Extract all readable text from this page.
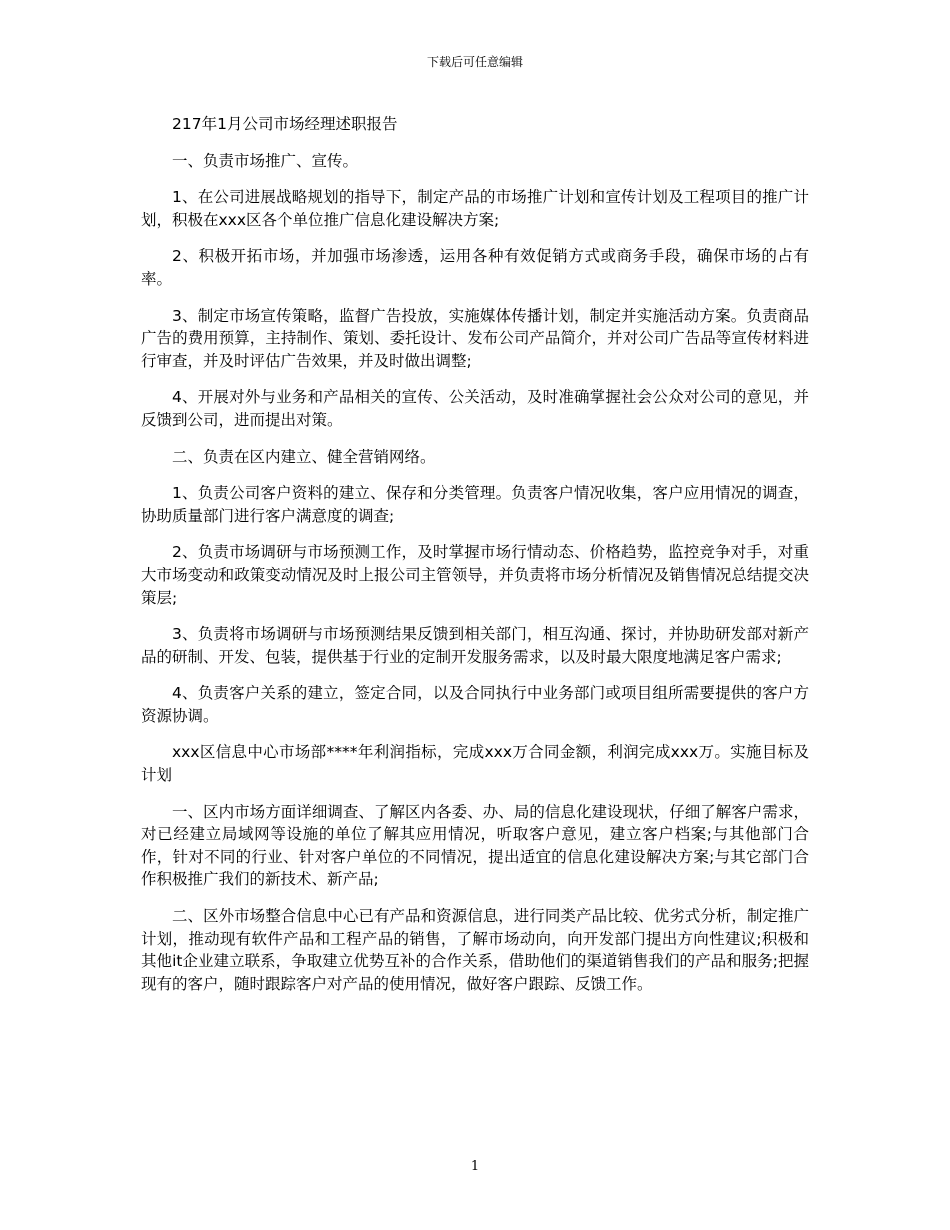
下载后可任意编辑

217年1月公司市场经理述职报告

一、负责市场推广、宣传。

1、在公司进展战略规划的指导下，制定产品的市场推广计划和宣传计划及工程项目的推广计划，积极在xxx区各个单位推广信息化建设解决方案;

2、积极开拓市场，并加强市场渗透，运用各种有效促销方式或商务手段，确保市场的占有率。

3、制定市场宣传策略，监督广告投放，实施媒体传播计划，制定并实施活动方案。负责商品广告的费用预算，主持制作、策划、委托设计、发布公司产品简介，并对公司广告品等宣传材料进行审查，并及时评估广告效果，并及时做出调整;

4、开展对外与业务和产品相关的宣传、公关活动，及时准确掌握社会公众对公司的意见，并反馈到公司，进而提出对策。

二、负责在区内建立、健全营销网络。

1、负责公司客户资料的建立、保存和分类管理。负责客户情况收集，客户应用情况的调查，协助质量部门进行客户满意度的调查;

2、负责市场调研与市场预测工作，及时掌握市场行情动态、价格趋势，监控竞争对手，对重大市场变动和政策变动情况及时上报公司主管领导，并负责将市场分析情况及销售情况总结提交决策层;

3、负责将市场调研与市场预测结果反馈到相关部门，相互沟通、探讨，并协助研发部对新产品的研制、开发、包装，提供基于行业的定制开发服务需求，以及时最大限度地满足客户需求;

4、负责客户关系的建立，签定合同，以及合同执行中业务部门或项目组所需要提供的客户方资源协调。

xxx区信息中心市场部****年利润指标，完成xxx万合同金额，利润完成xxx万。实施目标及计划

一、区内市场方面详细调查、了解区内各委、办、局的信息化建设现状，仔细了解客户需求，对已经建立局域网等设施的单位了解其应用情况，听取客户意见，建立客户档案;与其他部门合作，针对不同的行业、针对客户单位的不同情况，提出适宜的信息化建设解决方案;与其它部门合作积极推广我们的新技术、新产品;

二、区外市场整合信息中心已有产品和资源信息，进行同类产品比较、优劣式分析，制定推广计划，推动现有软件产品和工程产品的销售，了解市场动向，向开发部门提出方向性建议;积极和其他it企业建立联系，争取建立优势互补的合作关系，借助他们的渠道销售我们的产品和服务;把握现有的客户，随时跟踪客户对产品的使用情况，做好客户跟踪、反馈工作。

1
